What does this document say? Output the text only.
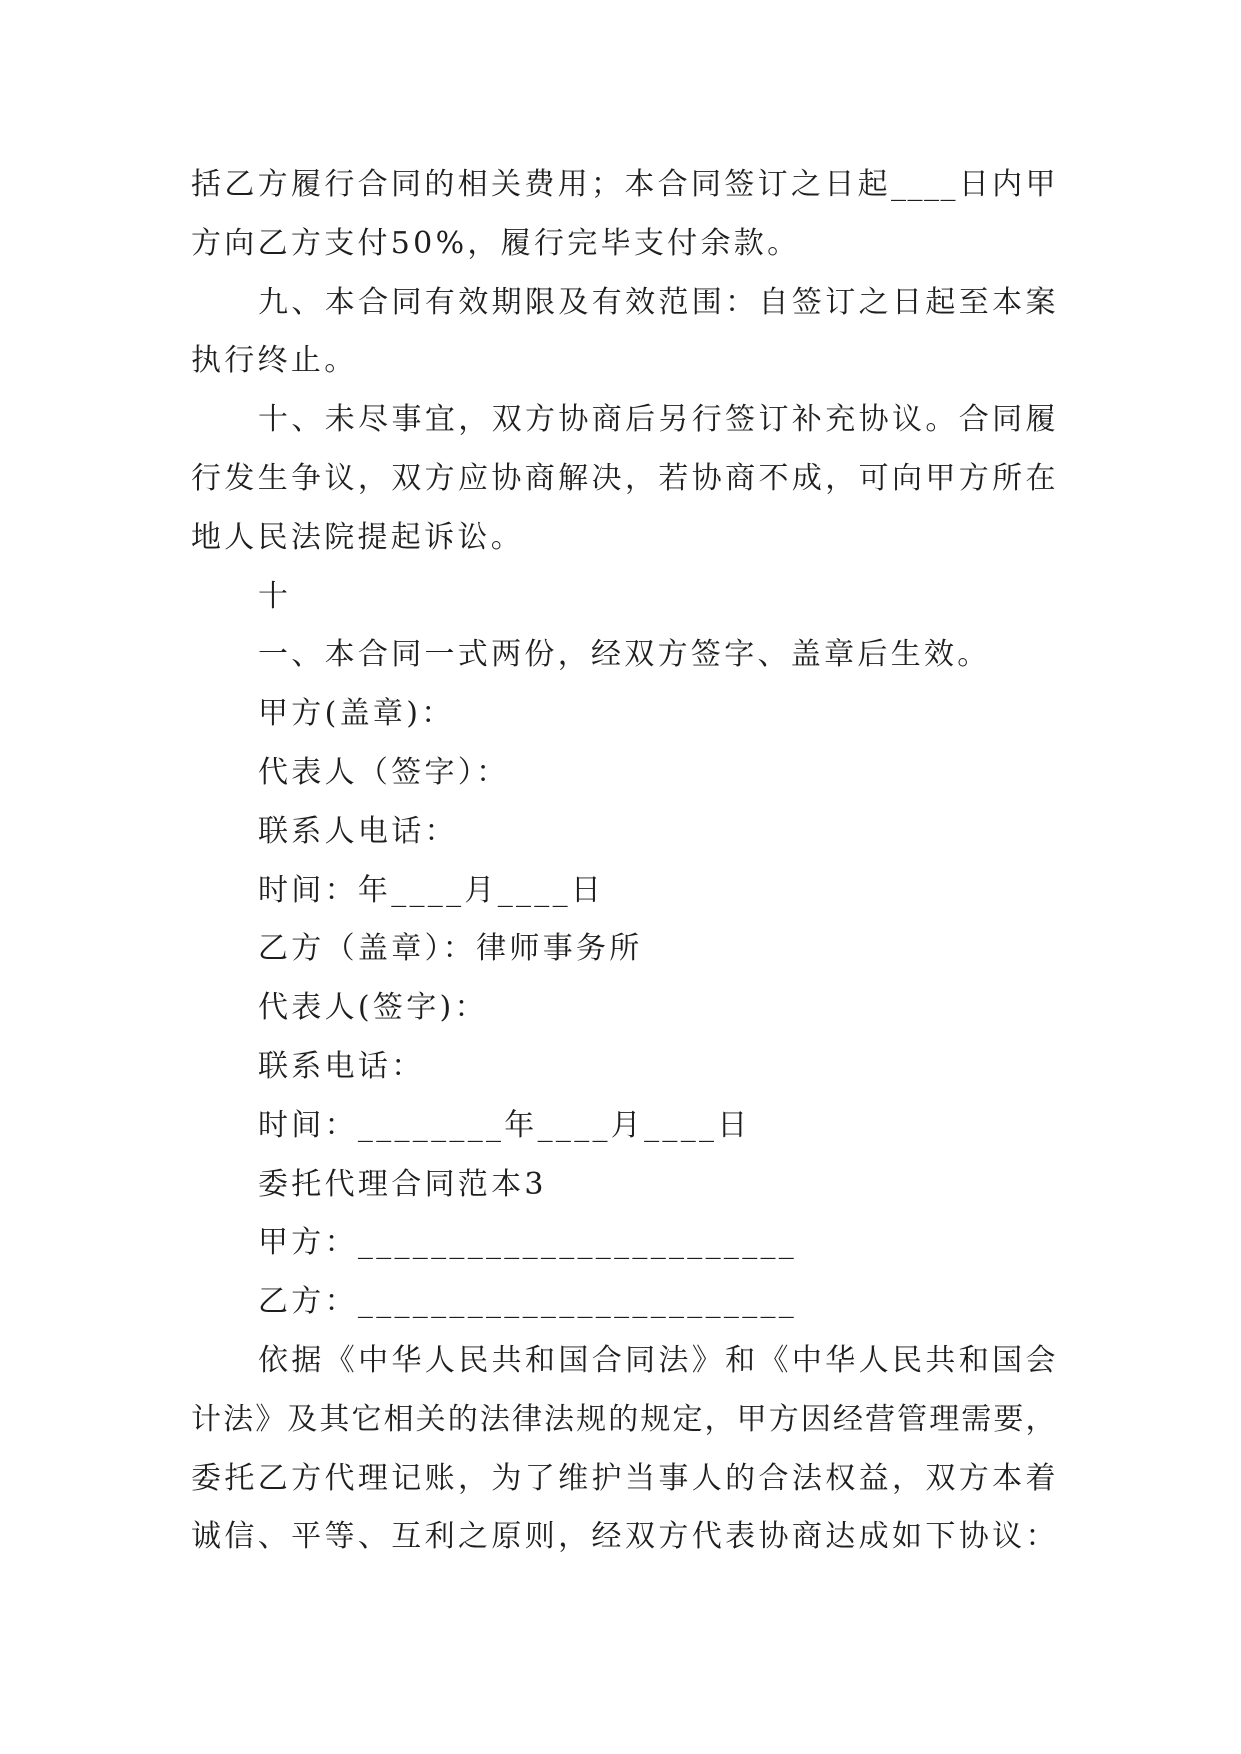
括乙方履行合同的相关费用；本合同签订之日起____日内甲
方向乙方支付50%，履行完毕支付余款。
九、本合同有效期限及有效范围：自签订之日起至本案
执行终止。
十、未尽事宜，双方协商后另行签订补充协议。合同履
行发生争议，双方应协商解决，若协商不成，可向甲方所在
地人民法院提起诉讼。
十
一、本合同一式两份，经双方签字、盖章后生效。
甲方(盖章)：
代表人（签字）：
联系人电话：
时间：年____月____日
乙方（盖章）：律师事务所
代表人(签字)：
联系电话：
时间：________年____月____日
委托代理合同范本3
甲方：________________________
乙方：________________________
依据《中华人民共和国合同法》和《中华人民共和国会
计法》及其它相关的法律法规的规定，甲方因经营管理需要，
委托乙方代理记账，为了维护当事人的合法权益，双方本着
诚信、平等、互利之原则，经双方代表协商达成如下协议：
